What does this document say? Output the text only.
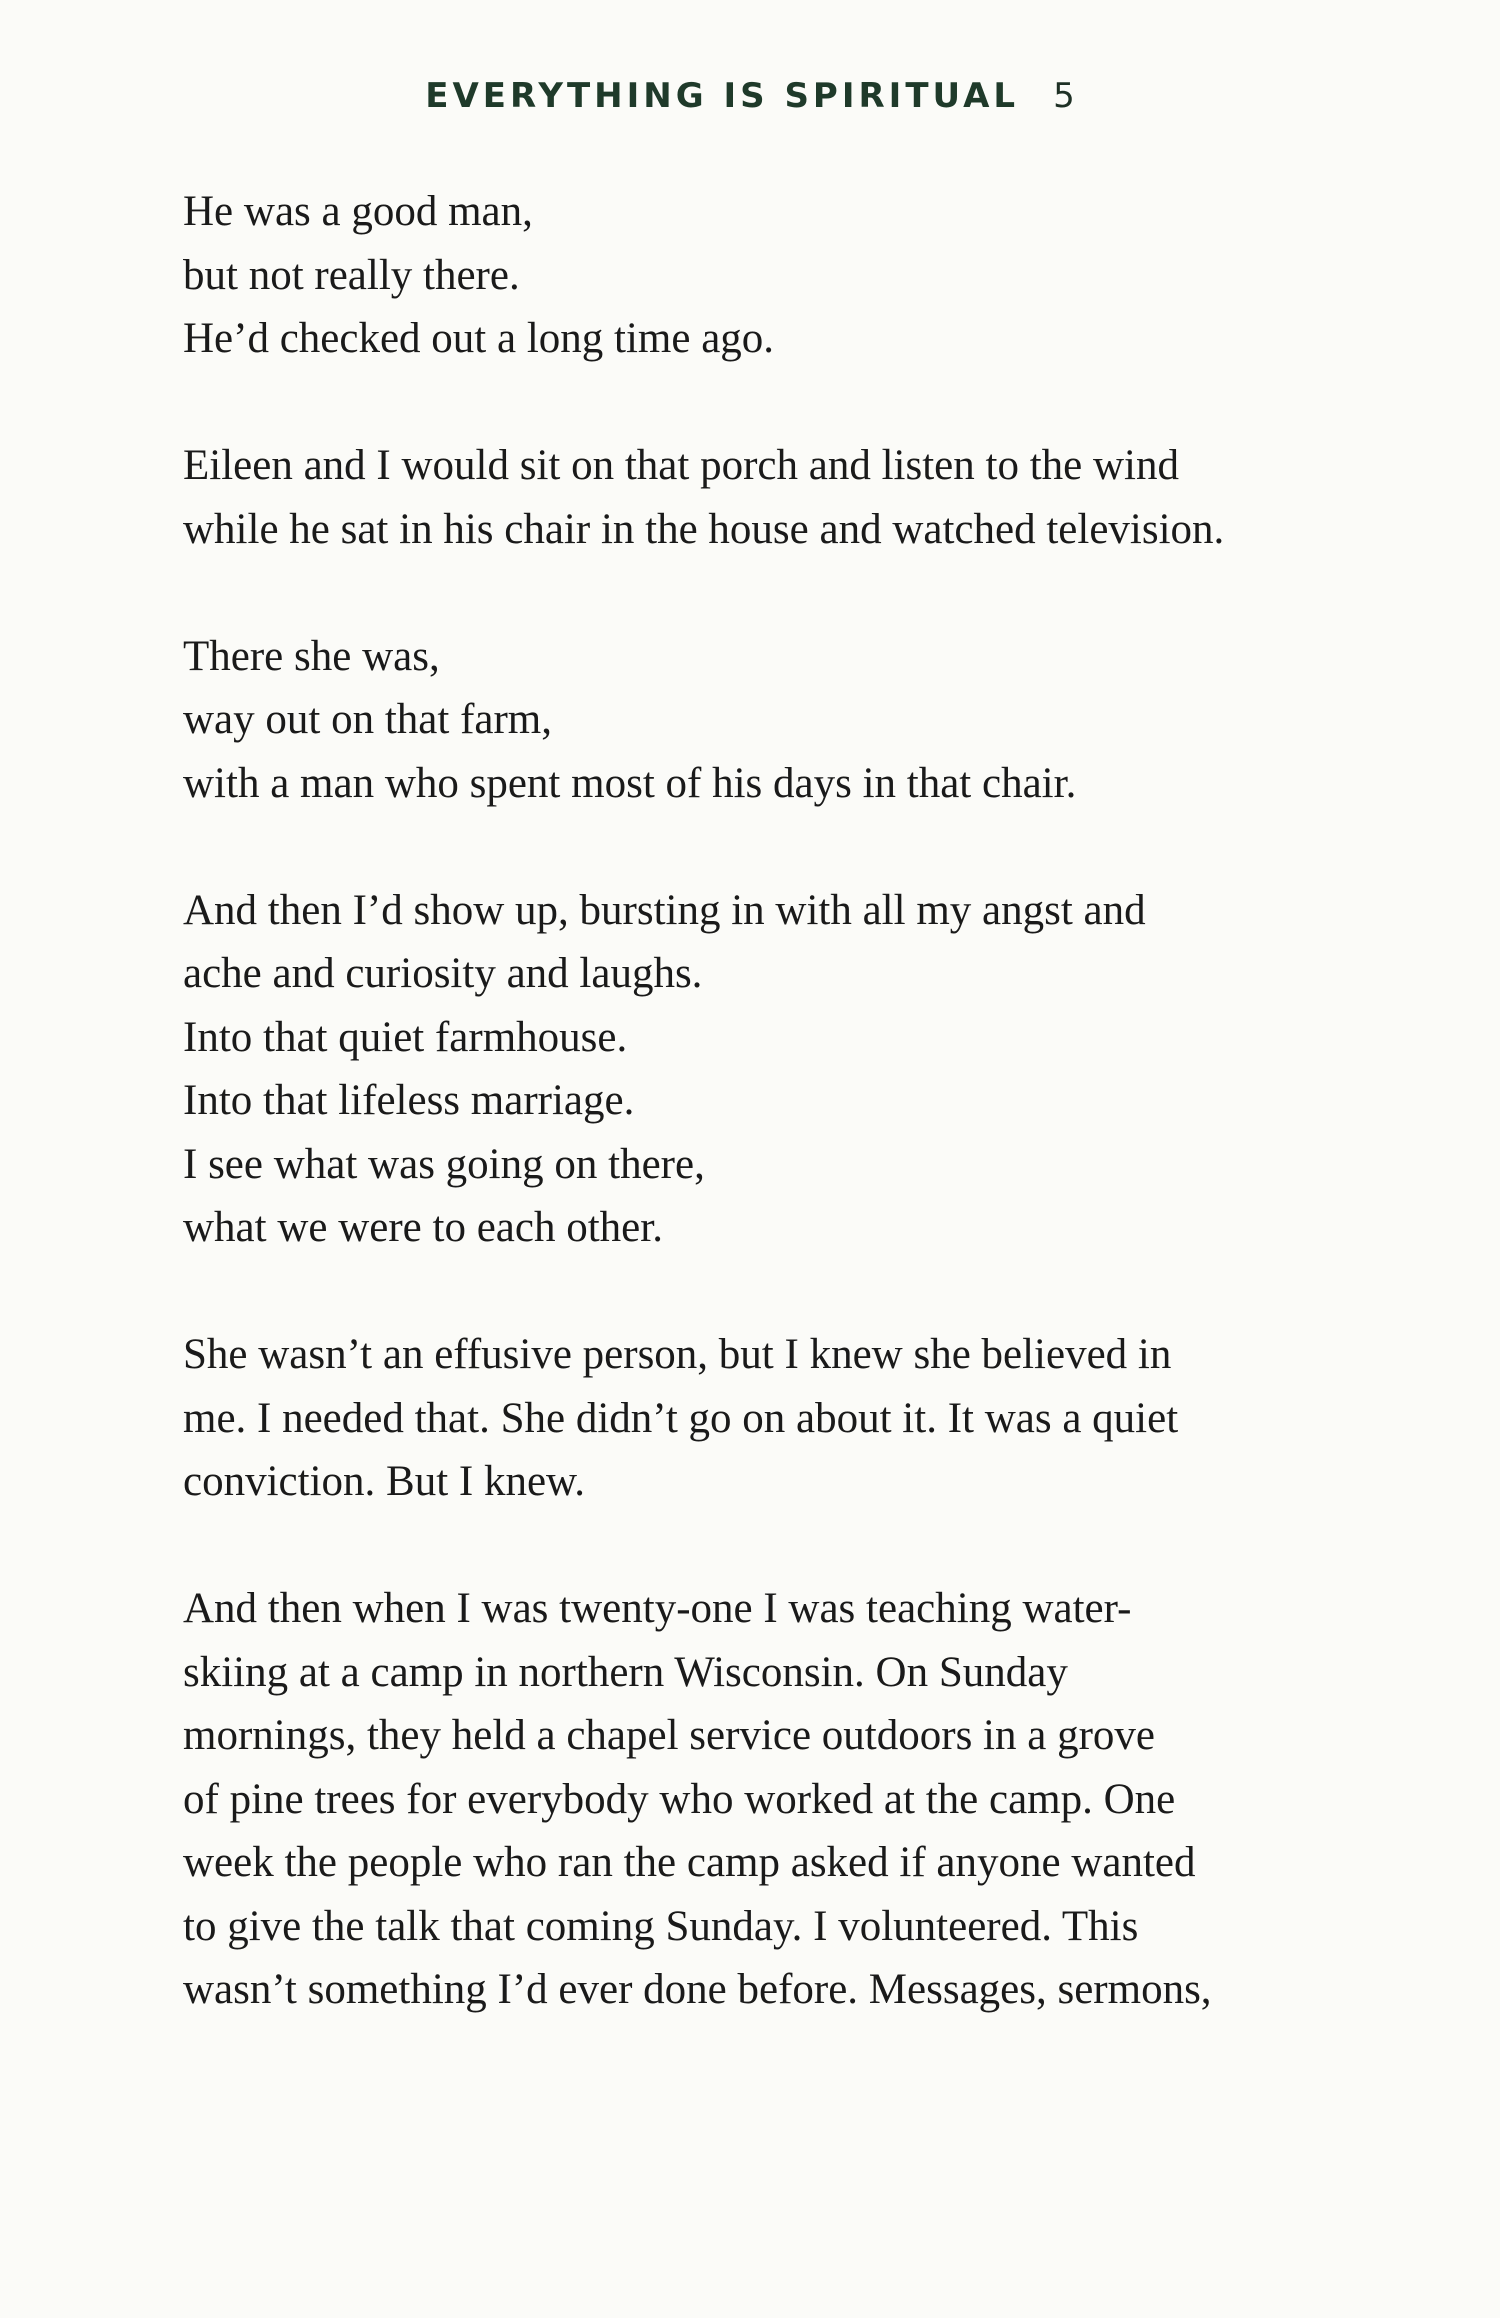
EVERYTHING IS SPIRITUAL 5
He was a good man,
but not really there.
He’d checked out a long time ago.
Eileen and I would sit on that porch and listen to the wind
while he sat in his chair in the house and watched television.
There she was,
way out on that farm,
with a man who spent most of his days in that chair.
And then I’d show up, bursting in with all my angst and
ache and curiosity and laughs.
Into that quiet farmhouse.
Into that lifeless marriage.
I see what was going on there,
what we were to each other.
She wasn’t an effusive person, but I knew she believed in
me. I needed that. She didn’t go on about it. It was a quiet
conviction. But I knew.
And then when I was twenty-one I was teaching water-
skiing at a camp in northern Wisconsin. On Sunday
mornings, they held a chapel service outdoors in a grove
of pine trees for everybody who worked at the camp. One
week the people who ran the camp asked if anyone wanted
to give the talk that coming Sunday. I volunteered. This
wasn’t something I’d ever done before. Messages, sermons,
